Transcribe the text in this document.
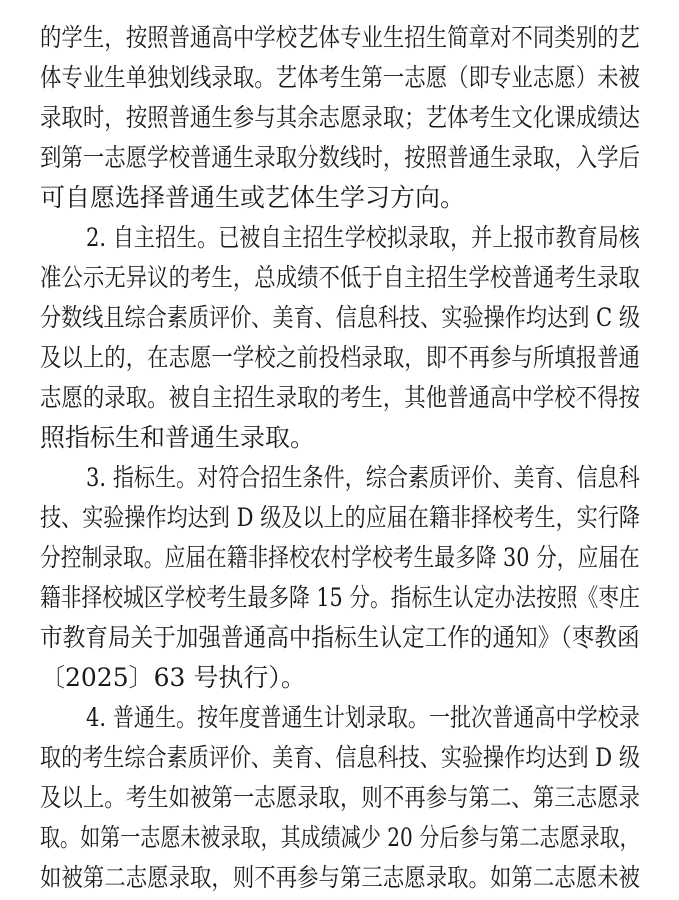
的学生，按照普通高中学校艺体专业生招生简章对不同类别的艺
体专业生单独划线录取。艺体考生第一志愿（即专业志愿）未被
录取时，按照普通生参与其余志愿录取；艺体考生文化课成绩达
到第一志愿学校普通生录取分数线时，按照普通生录取，入学后
可自愿选择普通生或艺体生学习方向。
2. 自主招生。已被自主招生学校拟录取，并上报市教育局核
准公示无异议的考生，总成绩不低于自主招生学校普通考生录取
分数线且综合素质评价、美育、信息科技、实验操作均达到 C 级
及以上的，在志愿一学校之前投档录取，即不再参与所填报普通
志愿的录取。被自主招生录取的考生，其他普通高中学校不得按
照指标生和普通生录取。
3. 指标生。对符合招生条件，综合素质评价、美育、信息科
技、实验操作均达到 D 级及以上的应届在籍非择校考生，实行降
分控制录取。应届在籍非择校农村学校考生最多降 30 分，应届在
籍非择校城区学校考生最多降 15 分。指标生认定办法按照《枣庄
市教育局关于加强普通高中指标生认定工作的通知》（枣教函
〔2025〕63 号执行）。
4. 普通生。按年度普通生计划录取。一批次普通高中学校录
取的考生综合素质评价、美育、信息科技、实验操作均达到 D 级
及以上。考生如被第一志愿录取，则不再参与第二、第三志愿录
取。如第一志愿未被录取，其成绩减少 20 分后参与第二志愿录取，
如被第二志愿录取，则不再参与第三志愿录取。如第二志愿未被
